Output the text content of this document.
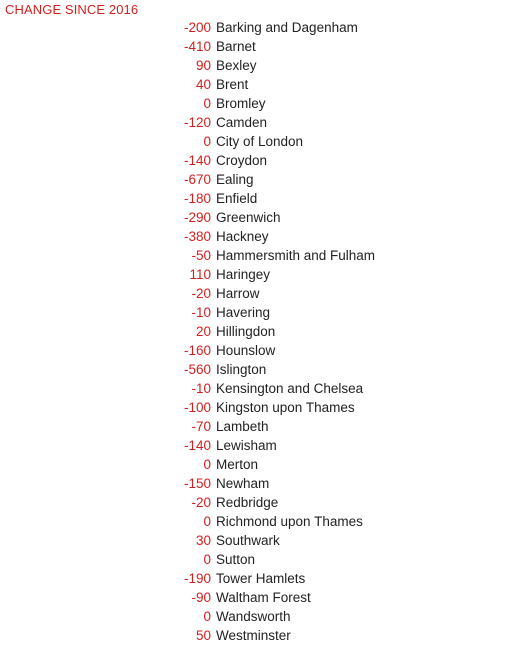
CHANGE SINCE 2016
-200 Barking and Dagenham
-410 Barnet
90 Bexley
40 Brent
0 Bromley
-120 Camden
0 City of London
-140 Croydon
-670 Ealing
-180 Enfield
-290 Greenwich
-380 Hackney
-50 Hammersmith and Fulham
110 Haringey
-20 Harrow
-10 Havering
20 Hillingdon
-160 Hounslow
-560 Islington
-10 Kensington and Chelsea
-100 Kingston upon Thames
-70 Lambeth
-140 Lewisham
0 Merton
-150 Newham
-20 Redbridge
0 Richmond upon Thames
30 Southwark
0 Sutton
-190 Tower Hamlets
-90 Waltham Forest
0 Wandsworth
50 Westminster
